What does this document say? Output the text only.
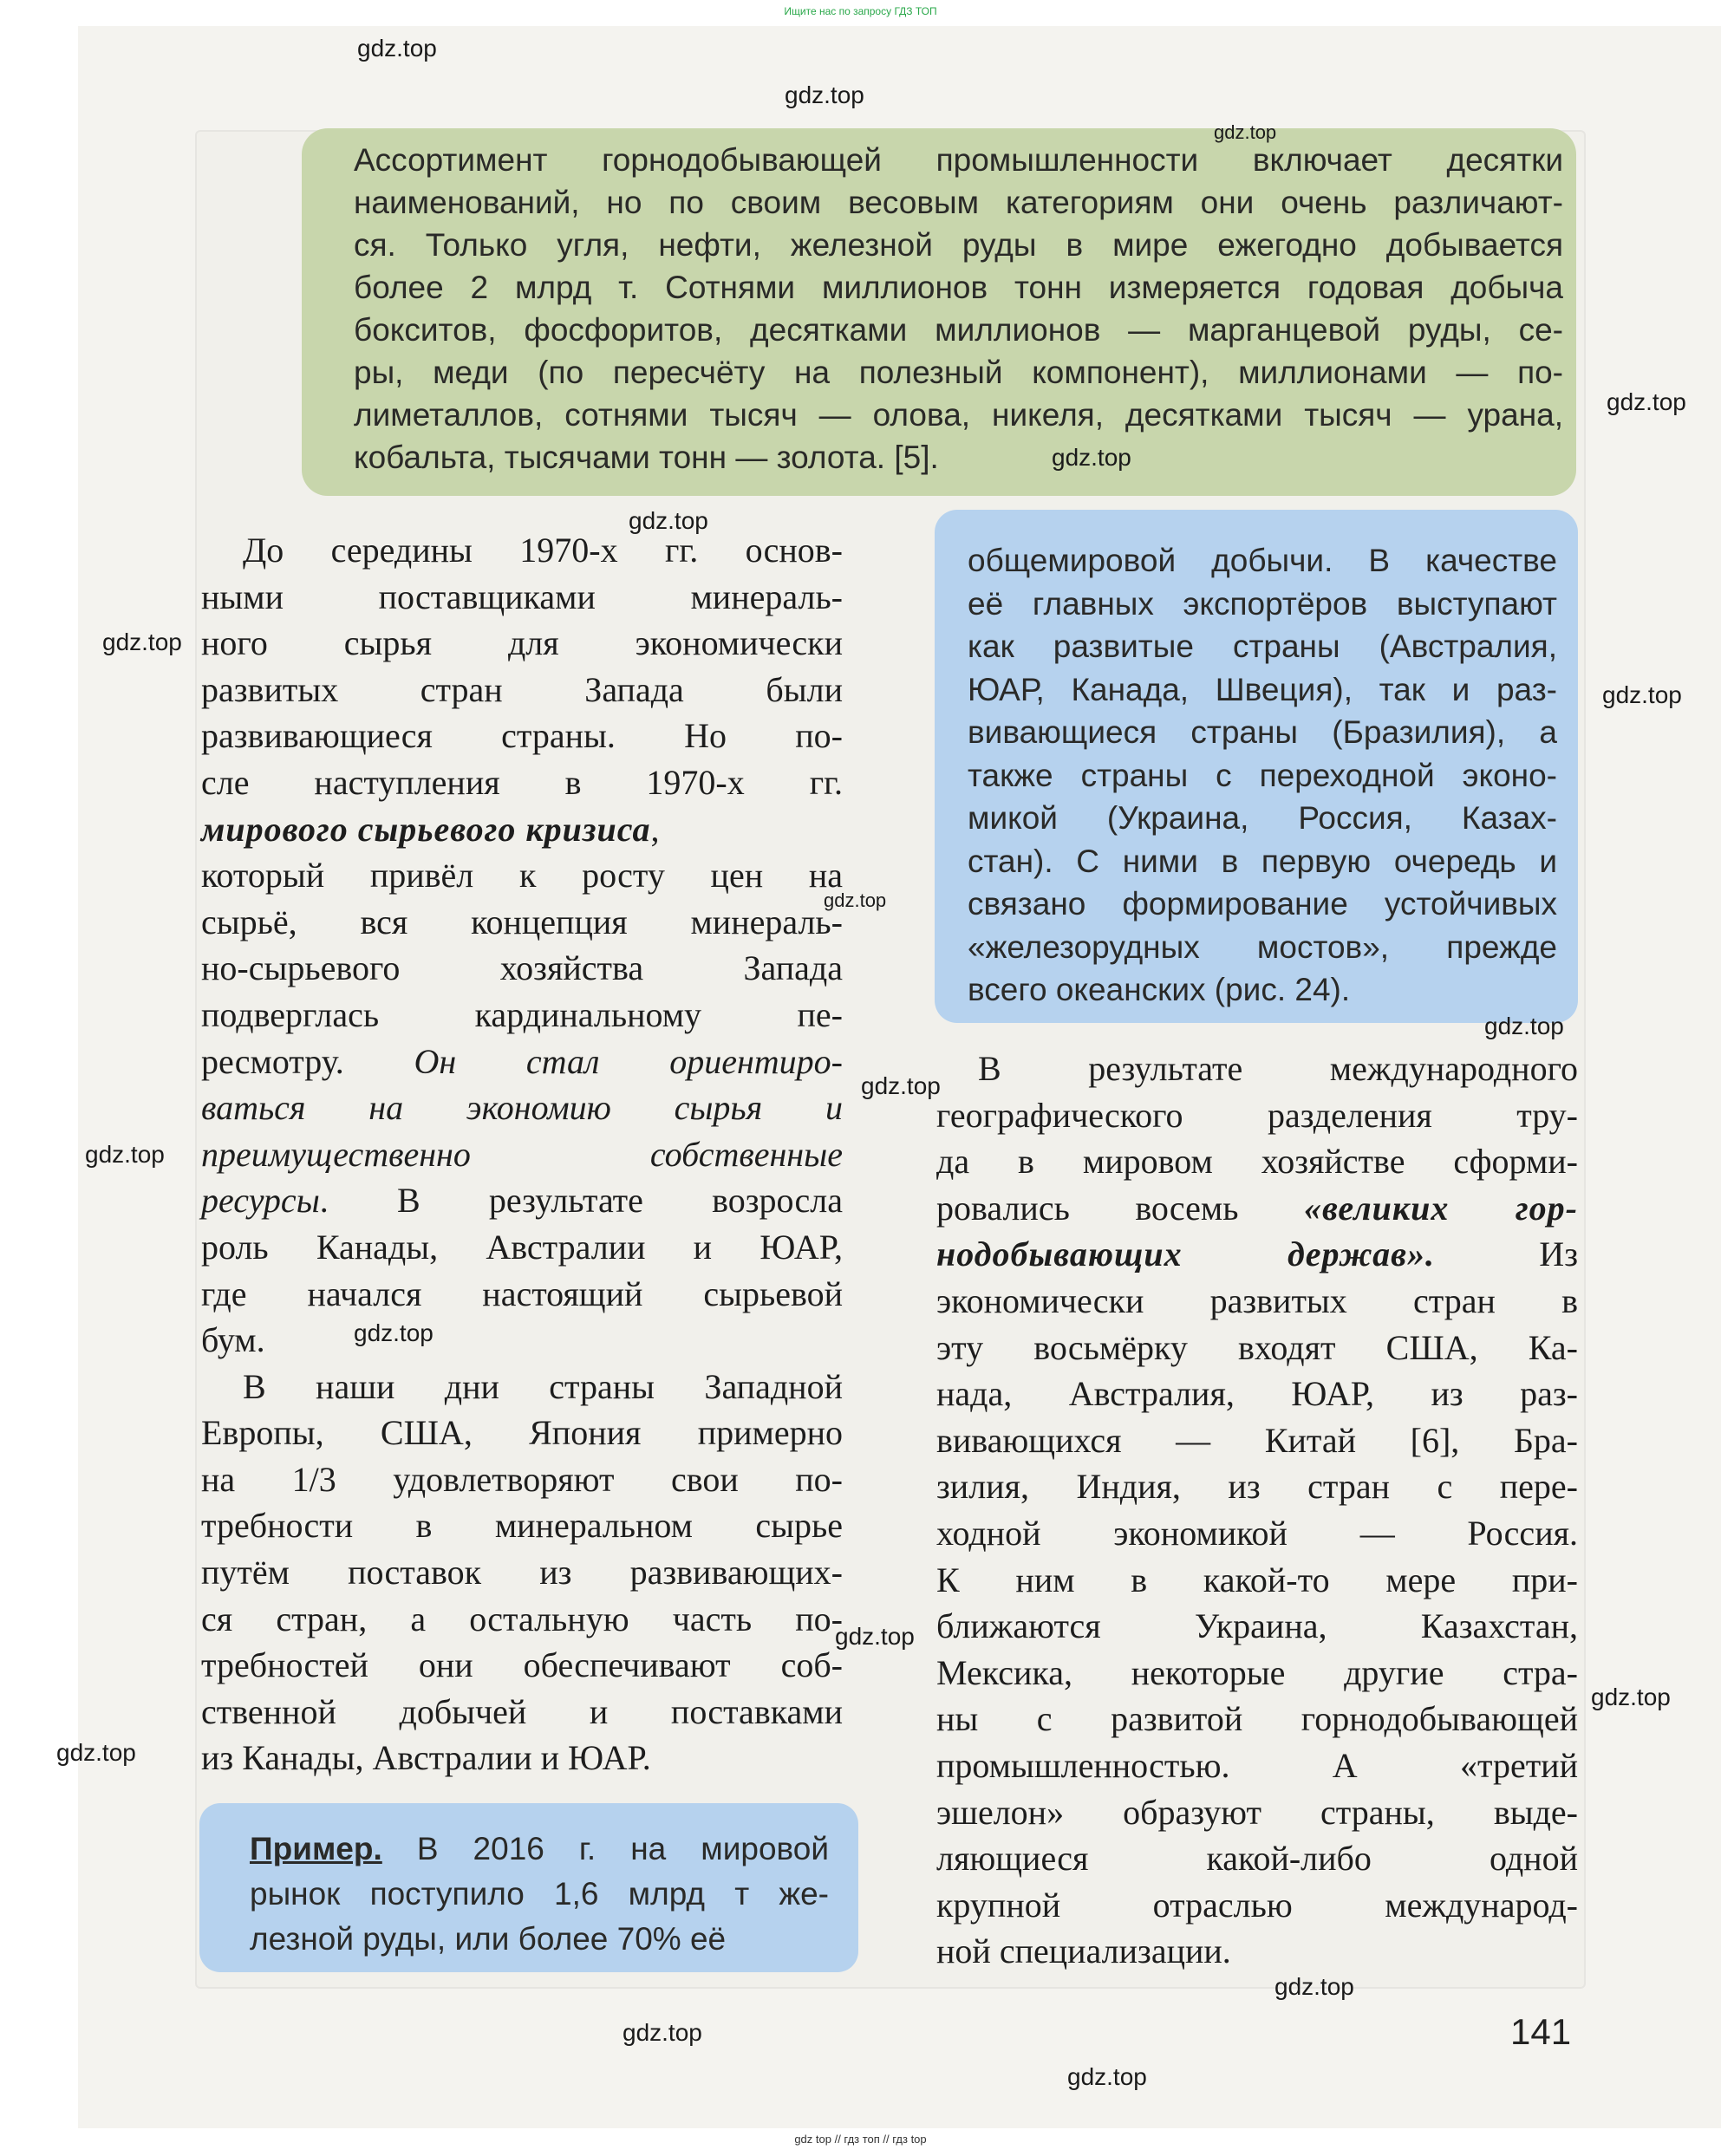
Ищите нас по запросу ГДЗ ТОП
Ассортимент горнодобывающей промышленности включает десятки
наименований, но по своим весовым категориям они очень различают-
ся. Только угля, нефти, железной руды в мире ежегодно добывается
более 2 млрд т. Сотнями миллионов тонн измеряется годовая добыча
бокситов, фосфоритов, десятками миллионов — марганцевой руды, се-
ры, меди (по пересчёту на полезный компонент), миллионами — по-
лиметаллов, сотнями тысяч — олова, никеля, десятками тысяч — урана,
кобальта, тысячами тонн — золота. [5].
общемировой добычи. В качестве
её главных экспортёров выступают
как развитые страны (Австралия,
ЮАР, Канада, Швеция), так и раз-
вивающиеся страны (Бразилия), а
также страны с переходной эконо-
микой (Украина, Россия, Казах-
стан). С ними в первую очередь и
связано формирование устойчивых
«железорудных мостов», прежде
всего океанских (рис. 24).
До середины 1970-х гг. основ-
ными поставщиками минераль-
ного сырья для экономически
развитых стран Запада были
развивающиеся страны. Но по-
сле наступления в 1970-х гг.
мирового сырьевого кризиса,
который привёл к росту цен на
сырьё, вся концепция минераль-
но-сырьевого хозяйства Запада
подверглась кардинальному пе-
ресмотру. Он стал ориентиро-
ваться на экономию сырья и
преимущественно собственные
ресурсы. В результате возросла
роль Канады, Австралии и ЮАР,
где начался настоящий сырьевой
бум.
В наши дни страны Западной
Европы, США, Япония примерно
на 1/3 удовлетворяют свои по-
требности в минеральном сырье
путём поставок из развивающих-
ся стран, а остальную часть по-
требностей они обеспечивают соб-
ственной добычей и поставками
из Канады, Австралии и ЮАР.
Пример. В 2016 г. на мировой
рынок поступило 1,6 млрд т же-
лезной руды, или более 70% её
В результате международного
географического разделения тру-
да в мировом хозяйстве сформи-
ровались восемь «великих гор-
нодобывающих держав». Из
экономически развитых стран в
эту восьмёрку входят США, Ка-
нада, Австралия, ЮАР, из раз-
вивающихся — Китай [6], Бра-
зилия, Индия, из стран с пере-
ходной экономикой — Россия.
К ним в какой-то мере при-
ближаются Украина, Казахстан,
Мексика, некоторые другие стра-
ны с развитой горнодобывающей
промышленностью. А «третий
эшелон» образуют страны, выде-
ляющиеся какой-либо одной
крупной отраслью международ-
ной специализации.
141
gdz.top
gdz.top
gdz.top
gdz.top
gdz.top
gdz.top
gdz.top
gdz.top
gdz.top
gdz.top
gdz.top
gdz.top
gdz.top
gdz.top
gdz.top
gdz.top
gdz.top
gdz.top
gdz.top
gdz top // гдз топ // гдз top
